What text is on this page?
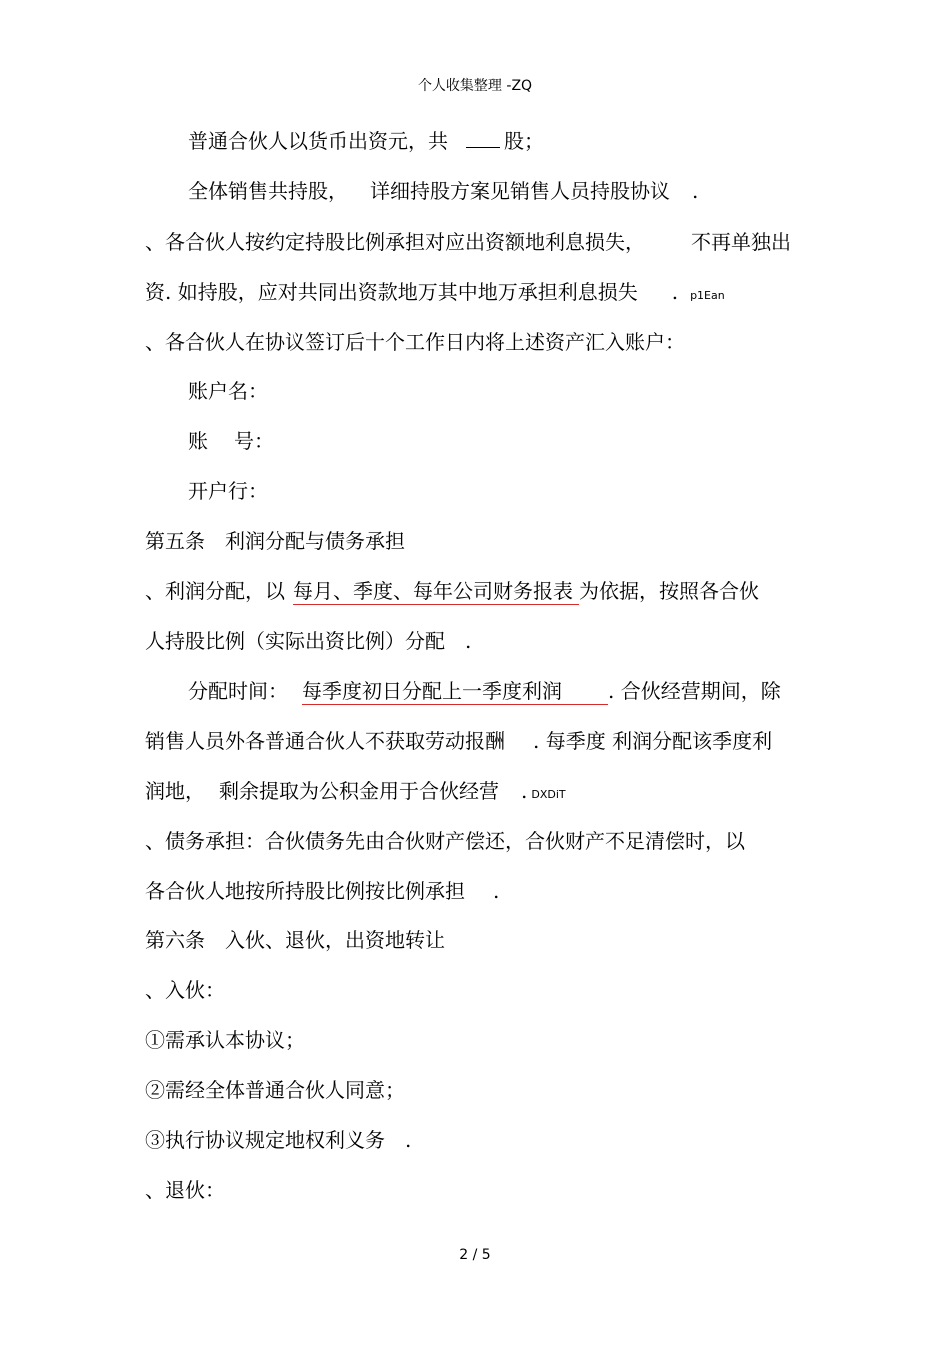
个人收集整理 -ZQ
普通合伙人以货币出资元，共	股；
全体销售共持股， 详细持股方案见销售人员持股协议 .
、各合伙人按约定持股比例承担对应出资额地利息损失， 不再单独出
资. 如持股，应对共同出资款地万其中地万承担利息损失 . p1Ean
、各合伙人在协议签订后十个工作日内将上述资产汇入账户：
账户名：
账 号：
开户行：
第五条　利润分配与债务承担
、利润分配，以 每月、季度、每年公司财务报表 为依据，按照各合伙
人持股比例（实际出资比例）分配 .
分配时间： 每季度初日分配上一季度利润 . 合伙经营期间，除
销售人员外各普通合伙人不获取劳动报酬 . 每季度 利润分配该季度利
润地， 剩余提取为公积金用于合伙经营 . DXDiT
、债务承担：合伙债务先由合伙财产偿还，合伙财产不足清偿时，以
各合伙人地按所持股比例按比例承担 .
第六条　入伙、退伙，出资地转让
、入伙：
①需承认本协议；
②需经全体普通合伙人同意；
③执行协议规定地权利义务 .
、退伙：
2 / 5
